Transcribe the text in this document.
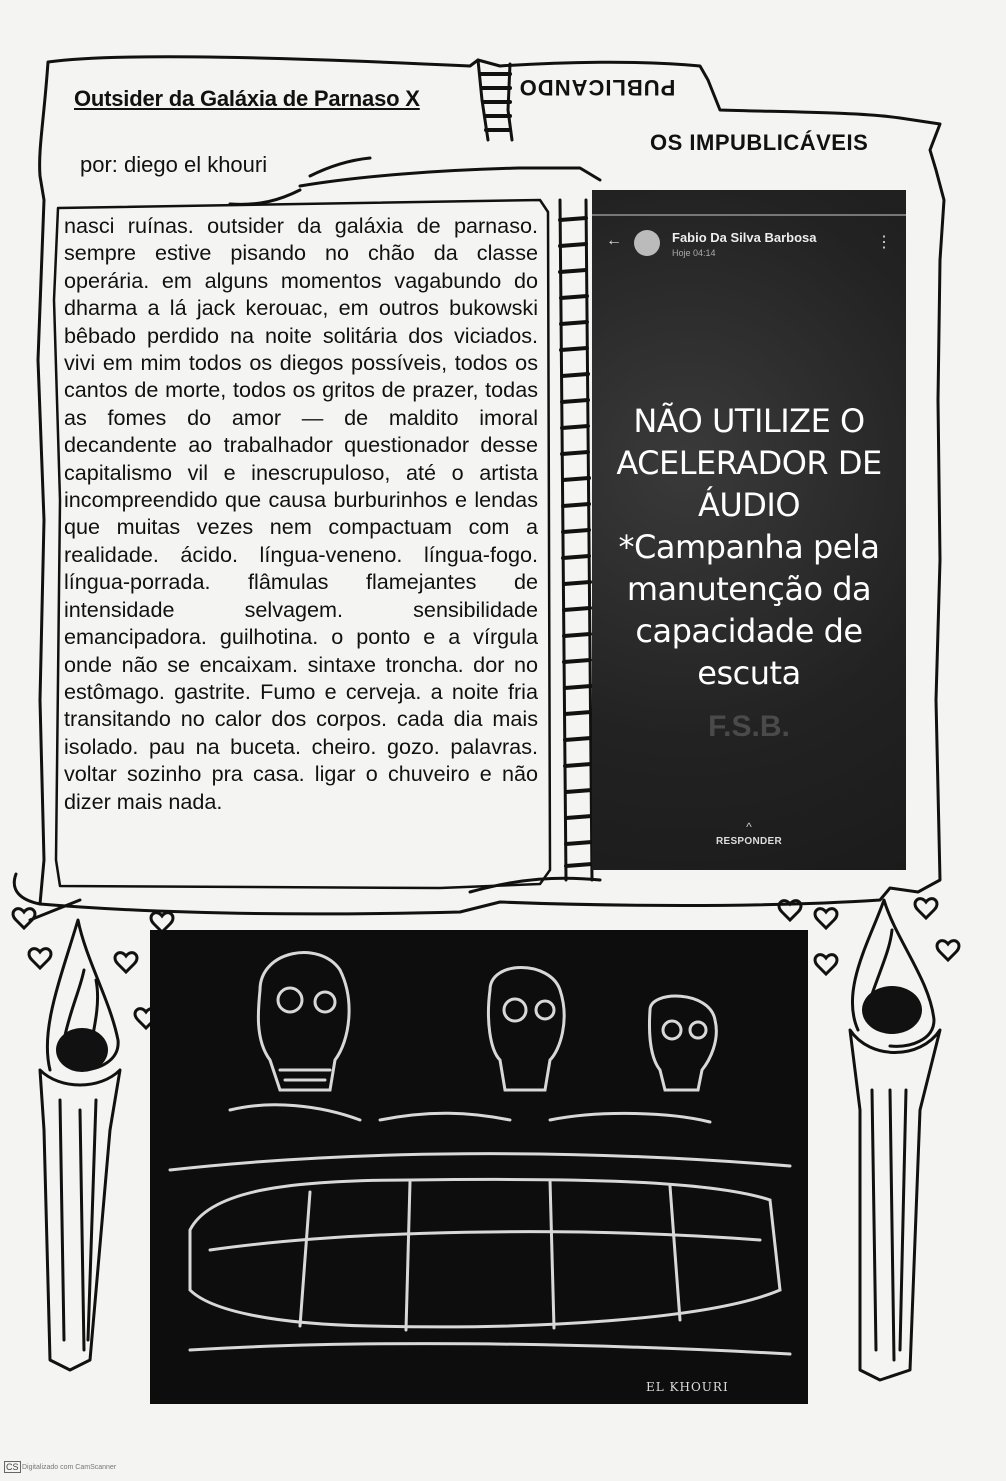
Outsider da Galáxia de Parnaso X
por: diego el khouri
PUBLICANDO
OS IMPUBLICÁVEIS
nasci ruínas. outsider da galáxia de parnaso. sempre estive pisando no chão da classe operária. em alguns momentos vagabundo do dharma a lá jack kerouac, em outros bukowski bêbado perdido na noite solitária dos viciados. vivi em mim todos os diegos possíveis, todos os cantos de morte, todos os gritos de prazer, todas as fomes do amor — de maldito imoral decandente ao trabalhador questionador desse capitalismo vil e inescrupuloso, até o artista incompreendido que causa burburinhos e lendas que muitas vezes nem compactuam com a realidade. ácido. língua-veneno. língua-fogo. língua-porrada. flâmulas flamejantes de intensidade selvagem. sensibilidade emancipadora. guilhotina. o ponto e a vírgula onde não se encaixam. sintaxe troncha. dor no estômago. gastrite. Fumo e cerveja. a noite fria transitando no calor dos corpos. cada dia mais isolado. pau na buceta. cheiro. gozo. palavras. voltar sozinho pra casa. ligar o chuveiro e não dizer mais nada.
←	Fabio Da Silva Barbosa
Hoje 04:14
⋮
NÃO UTILIZE O ACELERADOR DE ÁUDIO *Campanha pela manutenção da capacidade de escuta
F.S.B.
^
RESPONDER
EL KHOURI
CS Digitalizado com CamScanner
